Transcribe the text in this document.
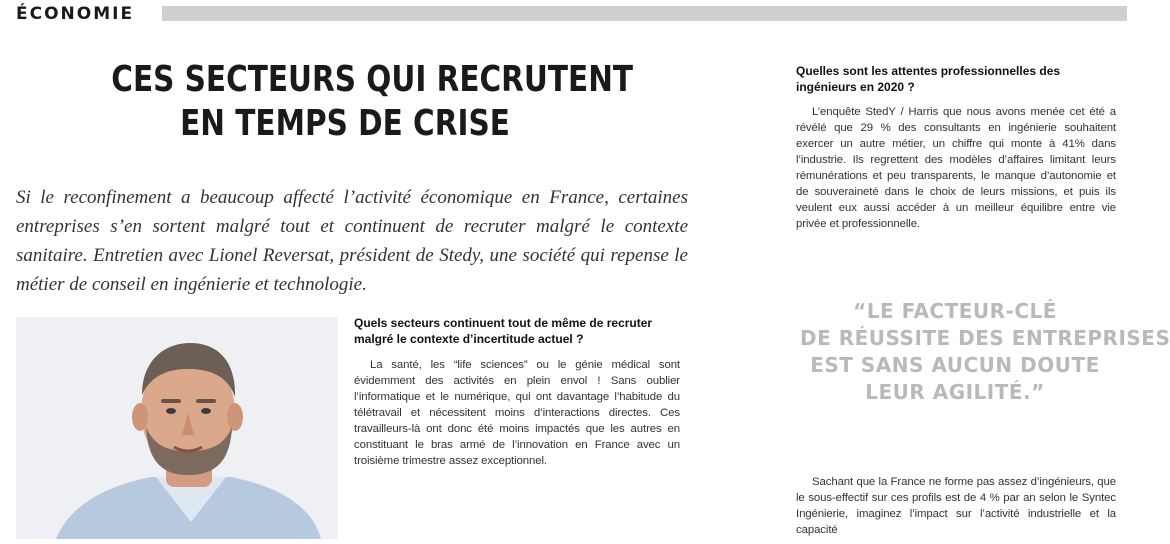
ÉCONOMIE
CES SECTEURS QUI RECRUTENT
EN TEMPS DE CRISE

Si le reconfinement a beaucoup affecté l’activité économique en France, certaines entreprises s’en sortent malgré tout et continuent de recruter malgré le contexte sanitaire. Entretien avec Lionel Reversat, président de Stedy, une société qui repense le métier de conseil en ingénierie et technologie.

Quels secteurs continuent tout de même de recruter malgré le contexte d’incertitude actuel ?

La santé, les “life sciences” ou le génie médical sont évidemment des activités en plein envol ! Sans oublier l’informatique et le numérique, qui ont davantage l’habitude du télétravail et nécessitent moins d’interactions directes. Ces travailleurs-là ont donc été moins impactés que les autres en constituant le bras armé de l’innovation en France avec un troisième trimestre assez exceptionnel.

Quelles sont les attentes professionnelles des ingénieurs en 2020 ?

L’enquête StedY / Harris que nous avons menée cet été a révélé que 29 % des consultants en ingénierie souhaitent exercer un autre métier, un chiffre qui monte à 41% dans l’industrie. Ils regrettent des modèles d’affaires limitant leurs rémunérations et peu transparents, le manque d’autonomie et de souveraineté dans le choix de leurs missions, et puis ils veulent eux aussi accéder à un meilleur équilibre entre vie privée et professionnelle.

“LE FACTEUR-CLÉ
DE RÉUSSITE DES ENTREPRISES
EST SANS AUCUN DOUTE
LEUR AGILITÉ.”

Sachant que la France ne forme pas assez d’ingénieurs, que le sous-effectif sur ces profils est de 4 % par an selon le Syntec Ingénierie, imaginez l’impact sur l’activité industrielle et la capacité
